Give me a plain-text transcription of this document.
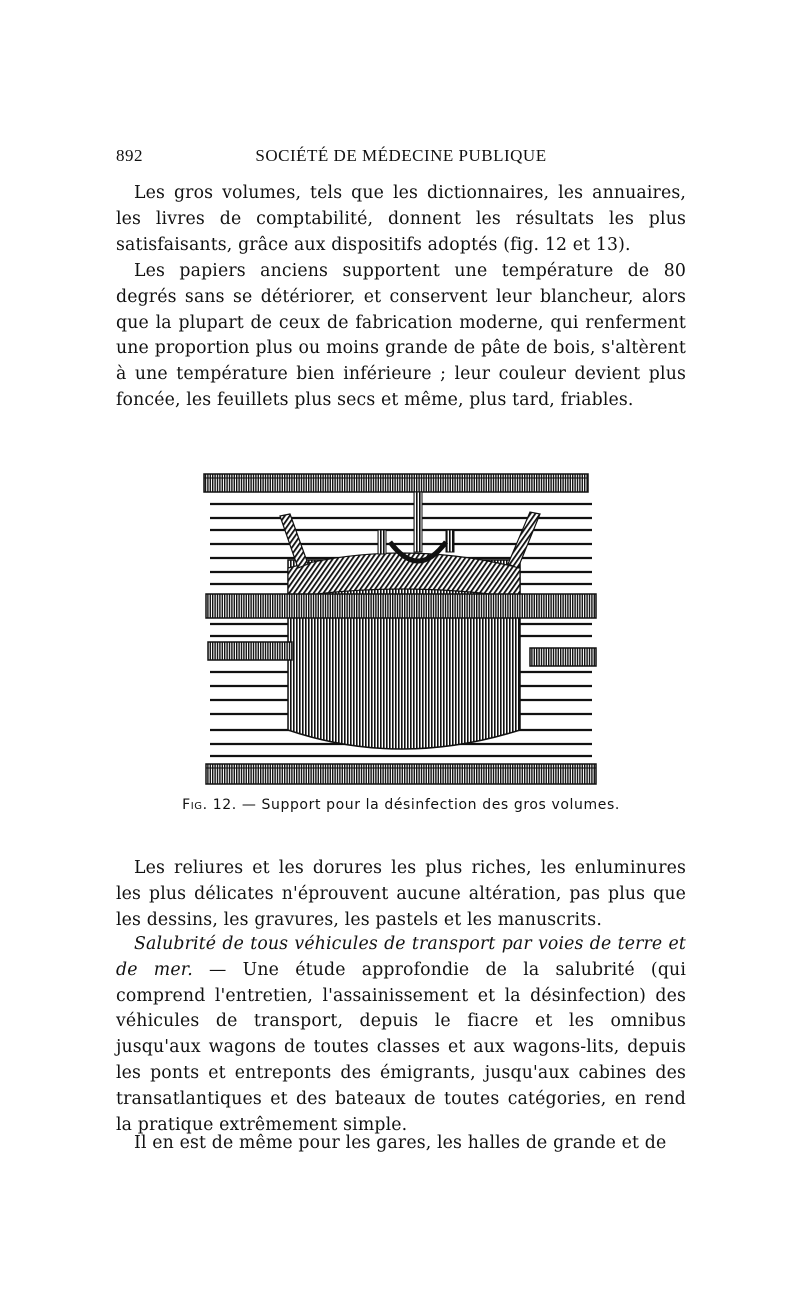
892	SOCIÉTÉ DE MÉDECINE PUBLIQUE

Les gros volumes, tels que les dictionnaires, les annuaires, les livres de comptabilité, donnent les résultats les plus satisfaisants, grâce aux dispositifs adoptés (fig. 12 et 13).

Les papiers anciens supportent une température de 80 degrés sans se détériorer, et conservent leur blancheur, alors que la plupart de ceux de fabrication moderne, qui renferment une proportion plus ou moins grande de pâte de bois, s'altèrent à une température bien inférieure ; leur couleur devient plus foncée, les feuillets plus secs et même, plus tard, friables.

Fig. 12. — Support pour la désinfection des gros volumes.

Les reliures et les dorures les plus riches, les enluminures les plus délicates n'éprouvent aucune altération, pas plus que les dessins, les gravures, les pastels et les manuscrits.

Salubrité de tous véhicules de transport par voies de terre et de mer. — Une étude approfondie de la salubrité (qui comprend l'entretien, l'assainissement et la désinfection) des véhicules de transport, depuis le fiacre et les omnibus jusqu'aux wagons de toutes classes et aux wagons-lits, depuis les ponts et entreponts des émigrants, jusqu'aux cabines des transatlantiques et des bateaux de toutes catégories, en rend la pratique extrêmement simple.

Il en est de même pour les gares, les halles de grande et de
